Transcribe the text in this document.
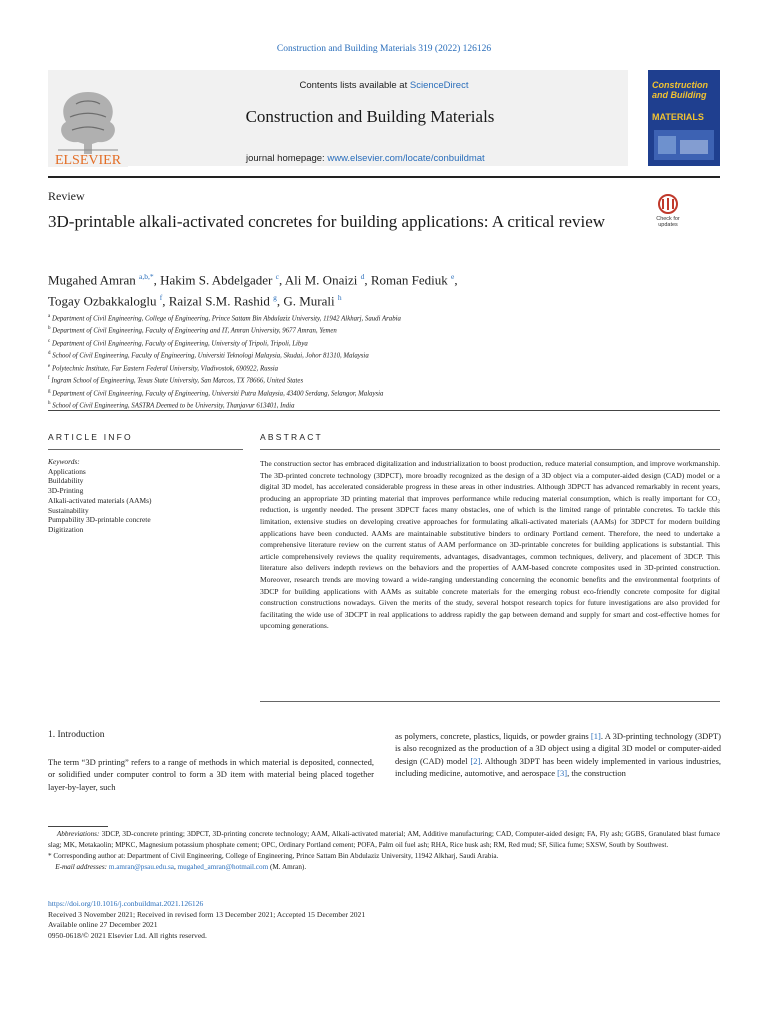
Construction and Building Materials 319 (2022) 126126
ELSEVIER
Contents lists available at ScienceDirect
Construction and Building Materials
journal homepage: www.elsevier.com/locate/conbuildmat
Construction and Building
MATERIALS
Review
3D-printable alkali-activated concretes for building applications: A critical review	Check for
updates
Mugahed Amran $^{a,b,*}$, Hakim S. Abdelgader $^c$, Ali M. Onaizi $^d$, Roman Fediuk $^e$,
Togay Ozbakkaloglu $^f$, Raizal S.M. Rashid $^g$, G. Murali $^h$
$^a$ Department of Civil Engineering, College of Engineering, Prince Sattam Bin Abdulaziz University, 11942 Alkharj, Saudi Arabia
$^b$ Department of Civil Engineering, Faculty of Engineering and IT, Amran University, 9677 Amran, Yemen
$^c$ Department of Civil Engineering, Faculty of Engineering, University of Tripoli, Tripoli, Libya
$^d$ School of Civil Engineering, Faculty of Engineering, Universiti Teknologi Malaysia, Skudai, Johor 81310, Malaysia
$^e$ Polytechnic Institute, Far Eastern Federal University, Vladivostok, 690922, Russia
$^f$ Ingram School of Engineering, Texas State University, San Marcos, TX 78666, United States
$^g$ Department of Civil Engineering, Faculty of Engineering, Universiti Putra Malaysia, 43400 Serdang, Selangor, Malaysia
$^h$ School of Civil Engineering, SASTRA Deemed to be University, Thanjavur 613401, India
ARTICLE INFO	ABSTRACT
Keywords:
Applications
Buildability
3D-Printing
Alkali-activated materials (AAMs)
Sustainability
Pumpability 3D-printable concrete
Digitization
The construction sector has embraced digitalization and industrialization to boost production, reduce material consumption, and improve workmanship. The 3D-printed concrete technology (3DPCT), more broadly recognized as the design of a 3D object via a computer-aided design (CAD) model or a digital 3D model, has accelerated considerable progress in these areas in other industries. Although 3DPCT has advanced remarkably in recent years, producing an appropriate 3D printing material that improves performance while reducing material consumption, which is really important for CO₂ reduction, is urgently needed. The present 3DPCT faces many obstacles, one of which is the limited range of printable concretes. To tackle this limitation, extensive studies on developing creative approaches for formulating alkali-activated materials (AAMs) for 3DPCT for modern building applications have been conducted. AAMs are maintainable substitutive binders to ordinary Portland cement. Therefore, the need to undertake a comprehensive literature review on the current status of AAM performance on 3D-printable concretes for building applications is substantial. This article comprehensively reviews the quality requirements, advantages, disadvantages, common techniques, delivery, and placement of 3DCP. This literature also delivers indepth reviews on the behaviors and the properties of AAM-based concrete composites used in 3D-printed construction. Moreover, research trends are moving toward a wide-ranging understanding concerning the economic benefits and the environmental footprints of 3DCP for building applications with AAMs as suitable concrete materials for the emerging robust eco-friendly concrete composite for digital construction constructions nowadays. Given the merits of the study, several hotspot research topics for future investigations are also provided for facilitating the wide use of 3DCPT in real applications to address rapidly the gap between demand and supply for smart and cost-effective homes for upcoming generations.
1. Introduction
The term “3D printing” refers to a range of methods in which material is deposited, connected, or solidified under computer control to form a 3D item with material being placed together layer-by-layer, such
as polymers, concrete, plastics, liquids, or powder grains [1]. A 3D-printing technology (3DPT) is also recognized as the production of a 3D object using a digital 3D model or computer-aided design (CAD) model [2]. Although 3DPT has been widely implemented in various industries, including medicine, automotive, and aerospace [3], the construction
Abbreviations: 3DCP, 3D-concrete printing; 3DPCT, 3D-printing concrete technology; AAM, Alkali-activated material; AM, Additive manufacturing; CAD, Computer-aided design; FA, Fly ash; GGBS, Granulated blast furnace slag; MK, Metakaolin; MPKC, Magnesium potassium phosphate cement; OPC, Ordinary Portland cement; POFA, Palm oil fuel ash; RHA, Rice husk ash; RM, Red mud; SF, Silica fume; SXSW, South by Southwest.
* Corresponding author at: Department of Civil Engineering, College of Engineering, Prince Sattam Bin Abdulaziz University, 11942 Alkharj, Saudi Arabia.
E-mail addresses: m.amran@psau.edu.sa, mugahed_amran@hotmail.com (M. Amran).
https://doi.org/10.1016/j.conbuildmat.2021.126126
Received 3 November 2021; Received in revised form 13 December 2021; Accepted 15 December 2021
Available online 27 December 2021
0950-0618/© 2021 Elsevier Ltd. All rights reserved.
